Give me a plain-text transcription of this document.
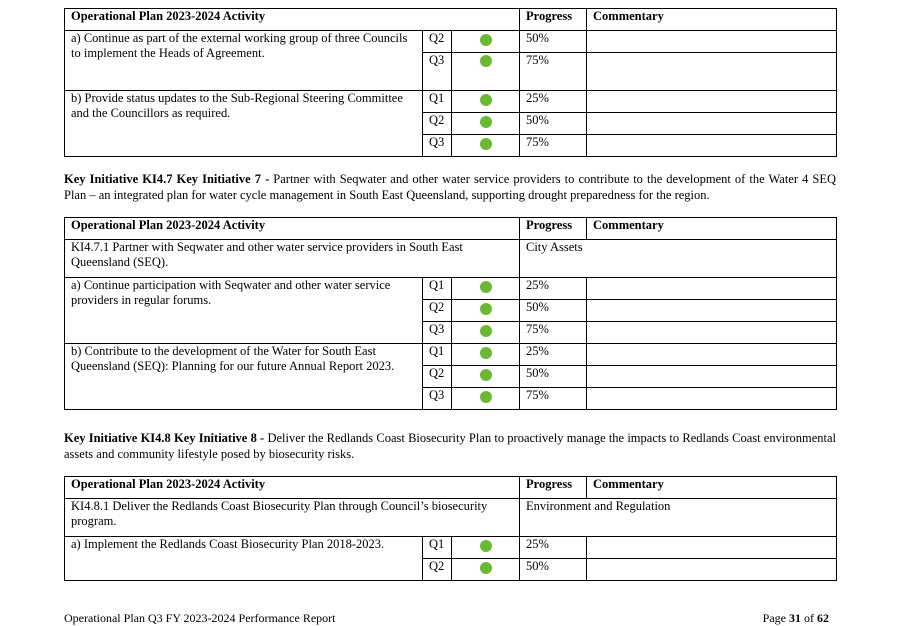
Operational Plan 2023-2024 Activity			Progress	Commentary
a) Continue as part of the external working group of three Councils to implement the Heads of Agreement.	Q2		50%	
	Q3		75%	
b) Provide status updates to the Sub-Regional Steering Committee and the Councillors as required.	Q1		25%	
	Q2		50%	
	Q3		75%	
Key Initiative KI4.7 Key Initiative 7 - Partner with Seqwater and other water service providers to contribute to the development of the Water 4 SEQ Plan – an integrated plan for water cycle management in South East Queensland, supporting drought preparedness for the region.
Operational Plan 2023-2024 Activity			Progress	Commentary
KI4.7.1 Partner with Seqwater and other water service providers in South East Queensland (SEQ).			City Assets	
a) Continue participation with Seqwater and other water service providers in regular forums.	Q1		25%	
	Q2		50%	
	Q3		75%	
b) Contribute to the development of the Water for South East Queensland (SEQ): Planning for our future Annual Report 2023.	Q1		25%	
	Q2		50%	
	Q3		75%	
Key Initiative KI4.8 Key Initiative 8 - Deliver the Redlands Coast Biosecurity Plan to proactively manage the impacts to Redlands Coast environmental assets and community lifestyle posed by biosecurity risks.
Operational Plan 2023-2024 Activity			Progress	Commentary
KI4.8.1 Deliver the Redlands Coast Biosecurity Plan through Council’s biosecurity program.			Environment and Regulation	
a) Implement the Redlands Coast Biosecurity Plan 2018-2023.	Q1		25%	
	Q2		50%	
Operational Plan Q3 FY 2023-2024 Performance Report	Page 31 of 62
